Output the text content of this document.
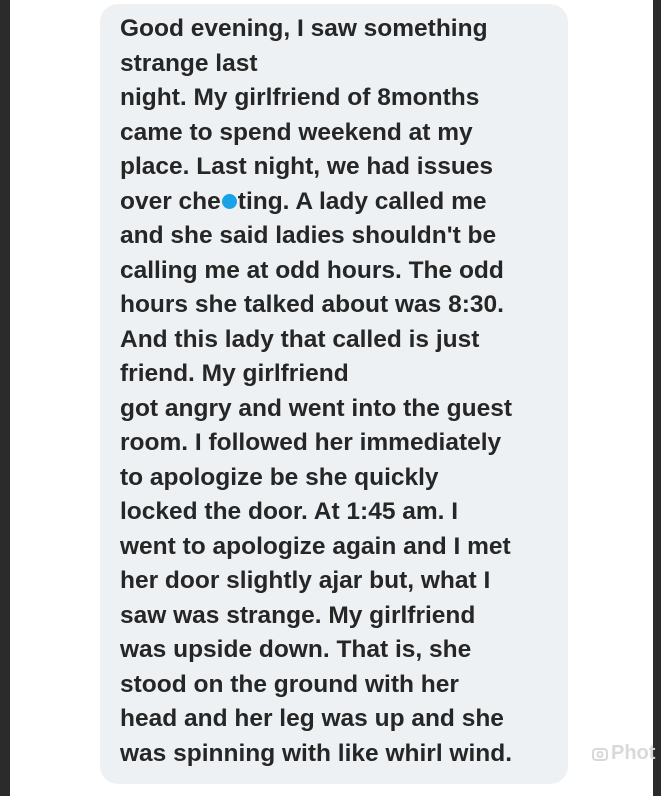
Good evening, I saw something
strange last
night. My girlfriend of 8months
came to spend weekend at my
place. Last night, we had issues
over che ting. A lady called me
and she said ladies shouldn't be
calling me at odd hours. The odd
hours she talked about was 8:30.
And this lady that called is just
friend. My girlfriend
got angry and went into the guest
room. I followed her immediately
to apologize be she quickly
locked the door. At 1:45 am. I
went to apologize again and I met
her door slightly ajar but, what I
saw was strange. My girlfriend
was upside down. That is, she
stood on the ground with her
head and her leg was up and she
was spinning with like whirl wind.	Phot
